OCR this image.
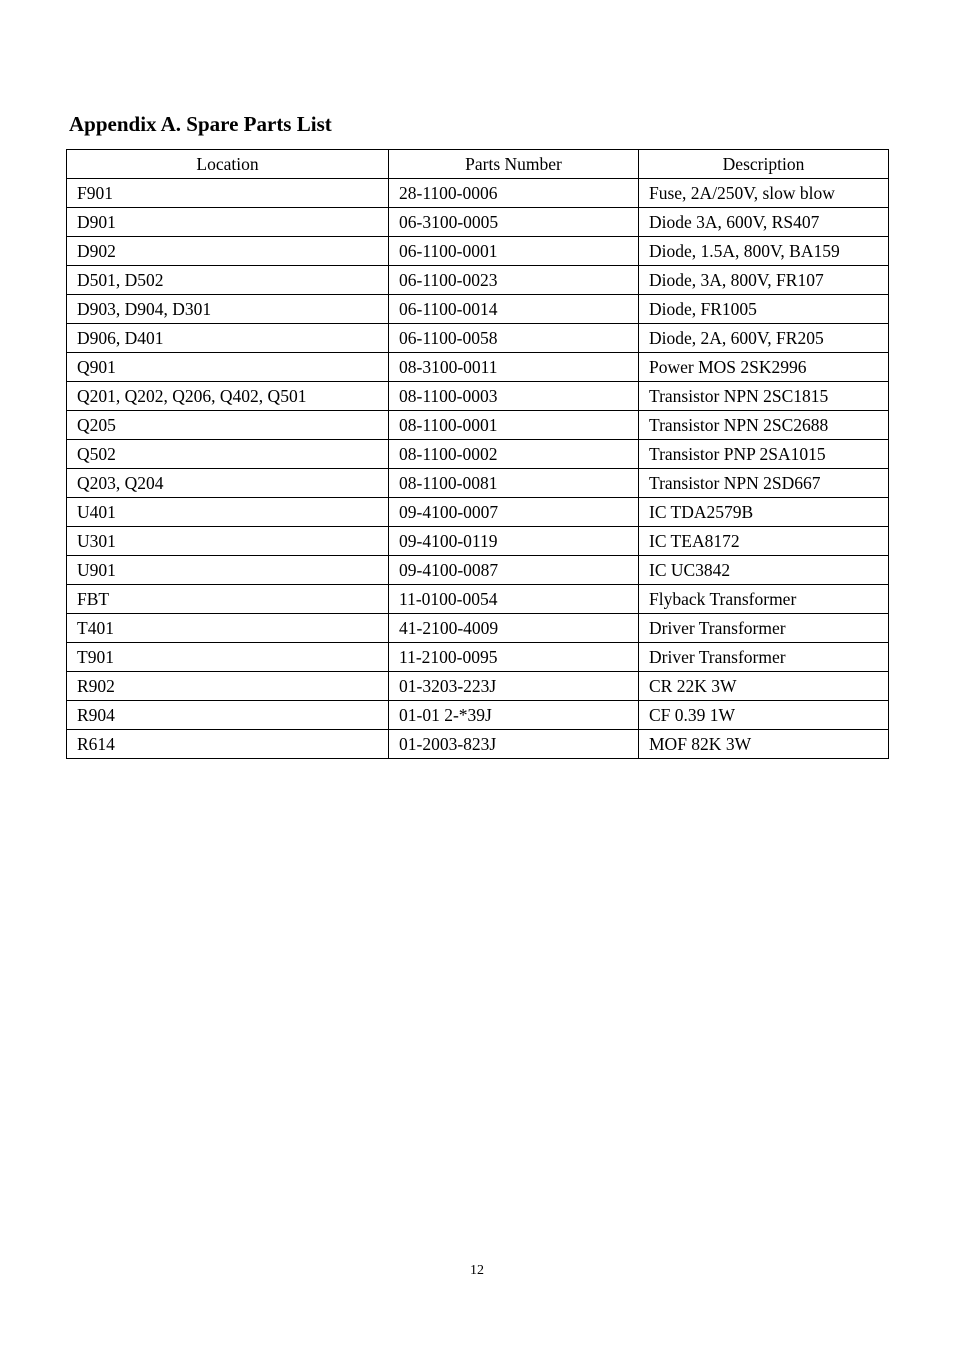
Appendix A. Spare Parts List
Location	Parts Number	Description
F901	28-1100-0006	Fuse, 2A/250V, slow blow
D901	06-3100-0005	Diode 3A, 600V, RS407
D902	06-1100-0001	Diode, 1.5A, 800V, BA159
D501, D502	06-1100-0023	Diode, 3A, 800V, FR107
D903, D904, D301	06-1100-0014	Diode, FR1005
D906, D401	06-1100-0058	Diode, 2A, 600V, FR205
Q901	08-3100-0011	Power MOS 2SK2996
Q201, Q202, Q206, Q402, Q501	08-1100-0003	Transistor NPN 2SC1815
Q205	08-1100-0001	Transistor NPN 2SC2688
Q502	08-1100-0002	Transistor PNP 2SA1015
Q203, Q204	08-1100-0081	Transistor NPN 2SD667
U401	09-4100-0007	IC TDA2579B
U301	09-4100-0119	IC TEA8172
U901	09-4100-0087	IC UC3842
FBT	11-0100-0054	Flyback Transformer
T401	41-2100-4009	Driver Transformer
T901	11-2100-0095	Driver Transformer
R902	01-3203-223J	CR 22K 3W
R904	01-01 2-*39J	CF 0.39 1W
R614	01-2003-823J	MOF 82K 3W
12
